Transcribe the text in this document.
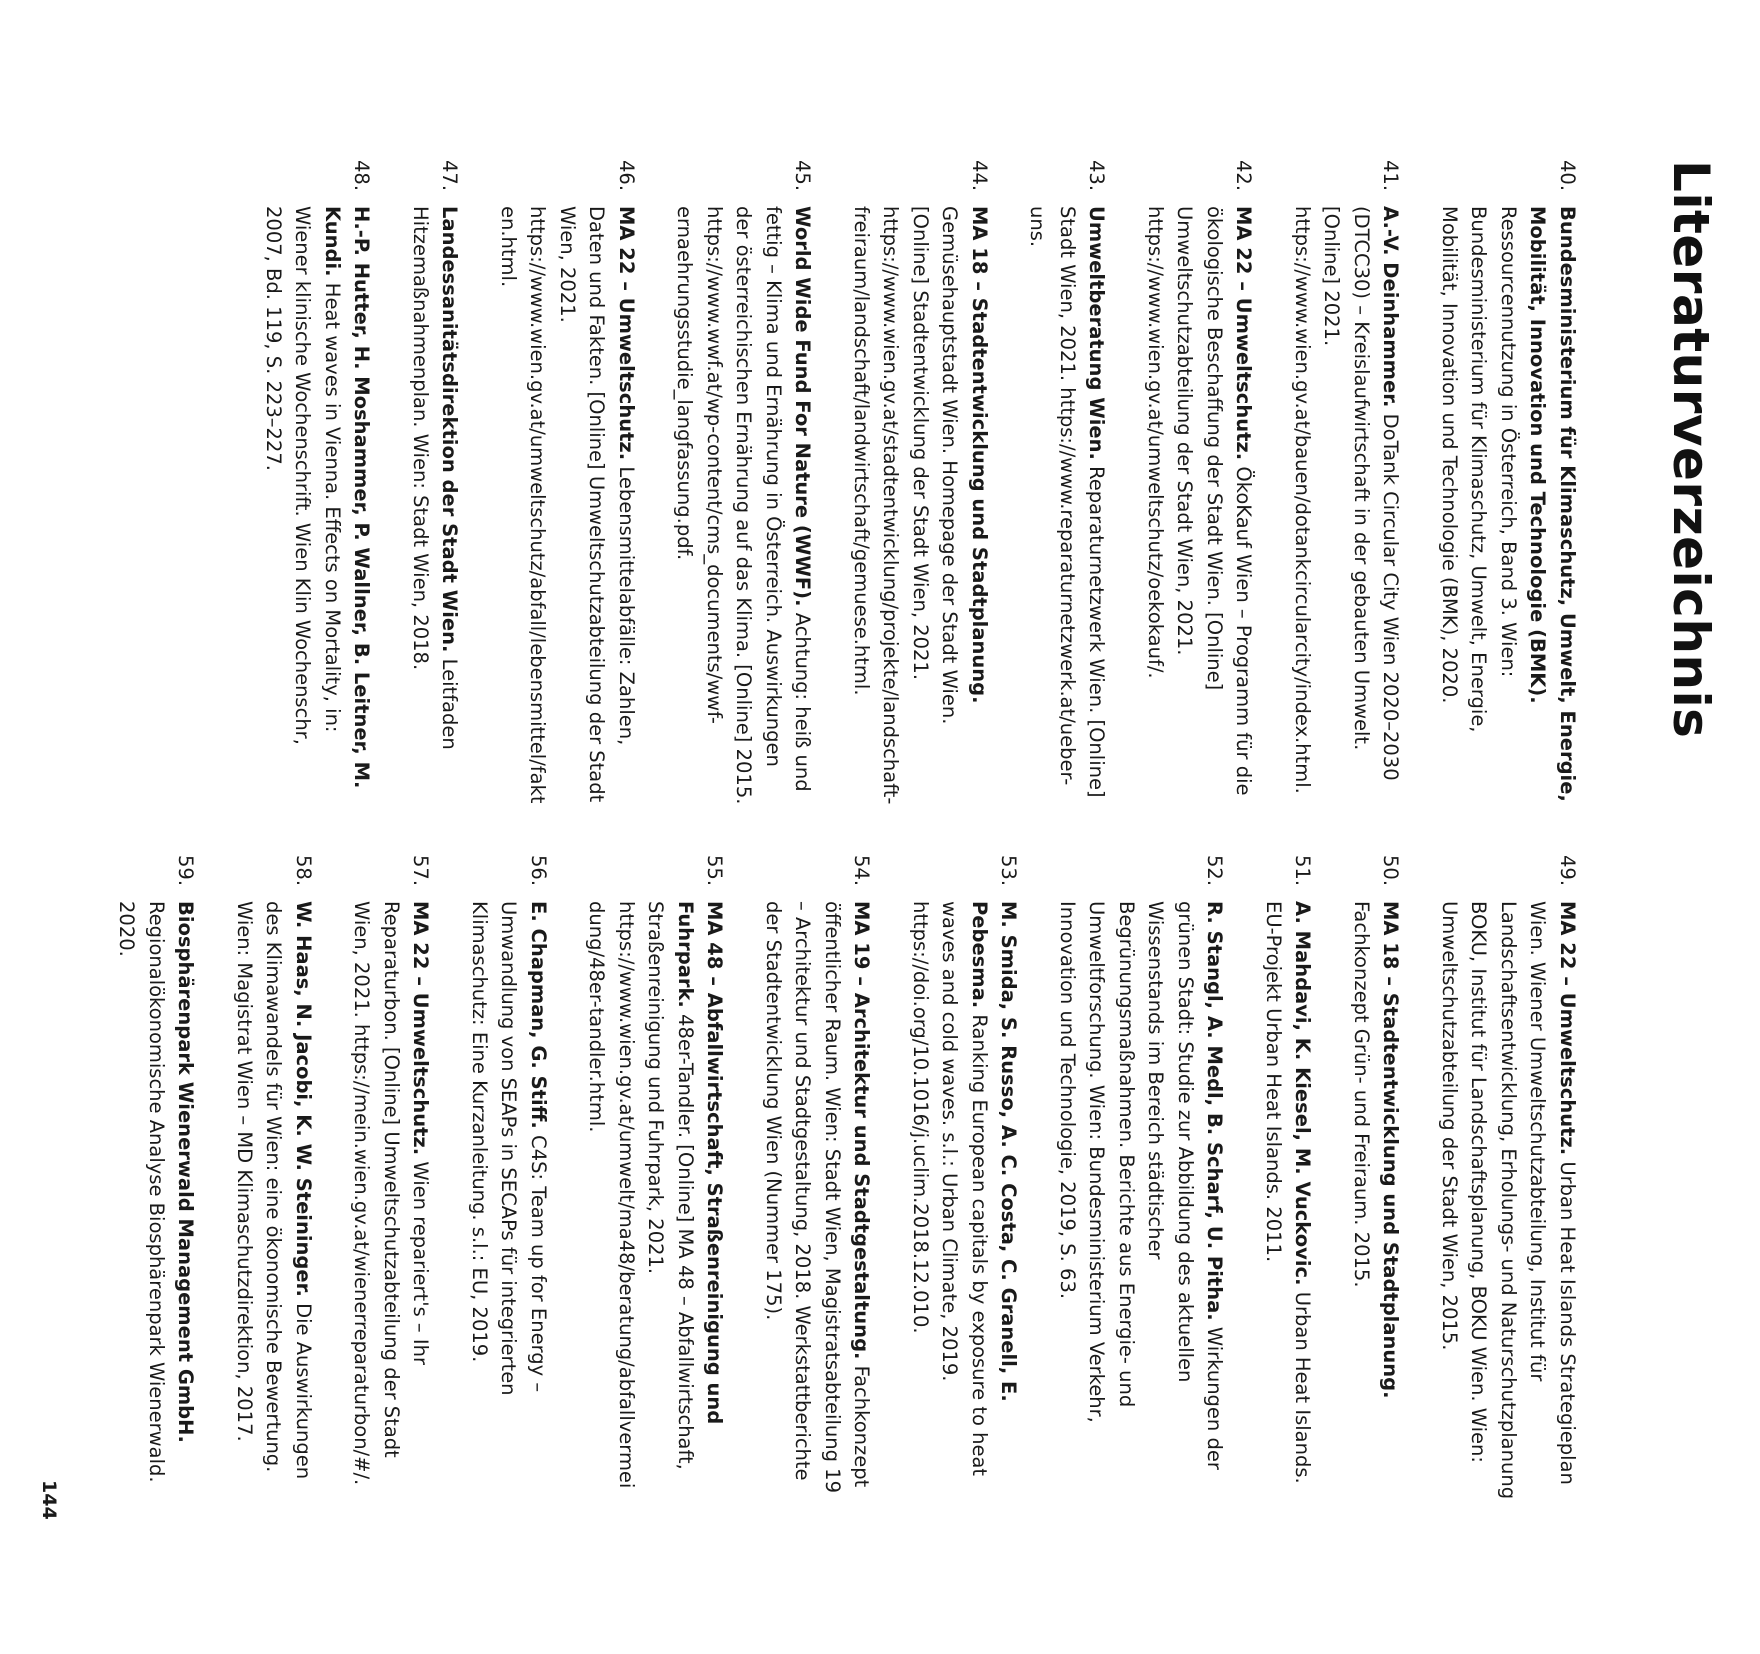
Literaturverzeichnis
40.
Bundesministerium für Klimaschutz, Umwelt, Energie, Mobilität, Innovation und Technologie (BMK). Ressourcennutzung in Österreich, Band 3. Wien: Bundesministerium für Klimaschutz, Umwelt, Energie, Mobilität, Innovation und Technologie (BMK), 2020.
41.
A.-V. Deinhammer. DoTank Circular City Wien 2020–2030 (DTCC30) – Kreislaufwirtschaft in der gebauten Umwelt. [Online] 2021. https://www.wien.gv.at/bauen/dotankcircularcity/index.html.
42.
MA 22 – Umweltschutz. ÖkoKauf Wien – Programm für die ökologische Beschaffung der Stadt Wien. [Online] Umweltschutzabteilung der Stadt Wien, 2021. https://www.wien.gv.at/umweltschutz/oekokauf/.
43.
Umweltberatung Wien. Reparaturnetzwerk Wien. [Online] Stadt Wien, 2021. https://www.reparaturnetzwerk.at/ueber-uns.
44.
MA 18 – Stadtentwicklung und Stadtplanung. Gemüsehauptstadt Wien. Homepage der Stadt Wien. [Online] Stadtentwicklung der Stadt Wien, 2021. https://www.wien.gv.at/stadtentwicklung/projekte/landschaft-freiraum/landschaft/landwirtschaft/gemuese.html.
45.
World Wide Fund For Nature (WWF). Achtung: heiß und fettig – Klima und Ernährung in Österreich. Auswirkungen der österreichischen Ernährung auf das Klima. [Online] 2015. https://www.wwf.at/wp-content/cms_documents/wwf-ernaehrungsstudie_langfassung.pdf.
46.
MA 22 – Umweltschutz. Lebensmittelabfälle: Zahlen, Daten und Fakten. [Online] Umweltschutzabteilung der Stadt Wien, 2021. https://www.wien.gv.at/umweltschutz/abfall/lebensmittel/fakten.html.
47.
Landessanitätsdirektion der Stadt Wien. Leitfaden Hitzemaßnahmenplan. Wien: Stadt Wien, 2018.
48.
H.-P. Hutter, H. Moshammer, P. Wallner, B. Leitner, M. Kundi. Heat waves in Vienna. Effects on Mortality, in: Wiener klinische Wochenschrift. Wien Klin Wochenschr, 2007, Bd. 119, S. 223–227.
49.
MA 22 – Umweltschutz. Urban Heat Islands Strategieplan Wien. Wiener Umweltschutzabteilung, Institut für Landschaftsentwicklung, Erholungs- und Naturschutzplanung BOKU, Institut für Landschaftsplanung, BOKU Wien. Wien: Umweltschutzabteilung der Stadt Wien, 2015.
50.
MA 18 – Stadtentwicklung und Stadtplanung. Fachkonzept Grün- und Freiraum. 2015.
51.
A. Mahdavi, K. Kiesel, M. Vuckovic. Urban Heat Islands. EU-Projekt Urban Heat Islands. 2011.
52.
R. Stangl, A. Medl, B. Scharf, U. Pitha. Wirkungen der grünen Stadt: Studie zur Abbildung des aktuellen Wissenstands im Bereich städtischer Begrünungsmaßnahmen. Berichte aus Energie- und Umweltforschung. Wien: Bundesministerium Verkehr, Innovation und Technologie, 2019, S. 63.
53.
M. Smida, S. Russo, A. C. Costa, C. Granell, E. Pebesma. Ranking European capitals by exposure to heat waves and cold waves. s.l.: Urban Climate, 2019. https://doi.org/10.1016/j.uclim.2018.12.010.
54.
MA 19 – Architektur und Stadtgestaltung. Fachkonzept öffentlicher Raum. Wien: Stadt Wien, Magistratsabteilung 19 – Architektur und Stadtgestaltung, 2018. Werkstattberichte der Stadtentwicklung Wien (Nummer 175).
55.
MA 48 – Abfallwirtschaft, Straßenreinigung und Fuhrpark. 48er-Tandler. [Online] MA 48 – Abfallwirtschaft, Straßenreinigung und Fuhrpark, 2021. https://www.wien.gv.at/umwelt/ma48/beratung/abfallvermeidung/48er-tandler.html.
56.
E. Chapman, G. Stiff. C4S: Team up for Energy – Umwandlung von SEAPs in SECAPs für integrierten Klimaschutz: Eine Kurzanleitung. s.l.: EU, 2019.
57.
MA 22 – Umweltschutz. Wien repariert's – Ihr Reparaturbon. [Online] Umweltschutzabteilung der Stadt Wien, 2021. https://mein.wien.gv.at/wienerreparaturbon/#/.
58.
W. Haas, N. Jacobi, K. W. Steininger. Die Auswirkungen des Klimawandels für Wien: eine ökonomische Bewertung. Wien: Magistrat Wien – MD Klimaschutzdirektion, 2017.
59.
Biosphärenpark Wienerwald Management GmbH. Regionalökonomische Analyse Biosphärenpark Wienerwald. 2020.
144
